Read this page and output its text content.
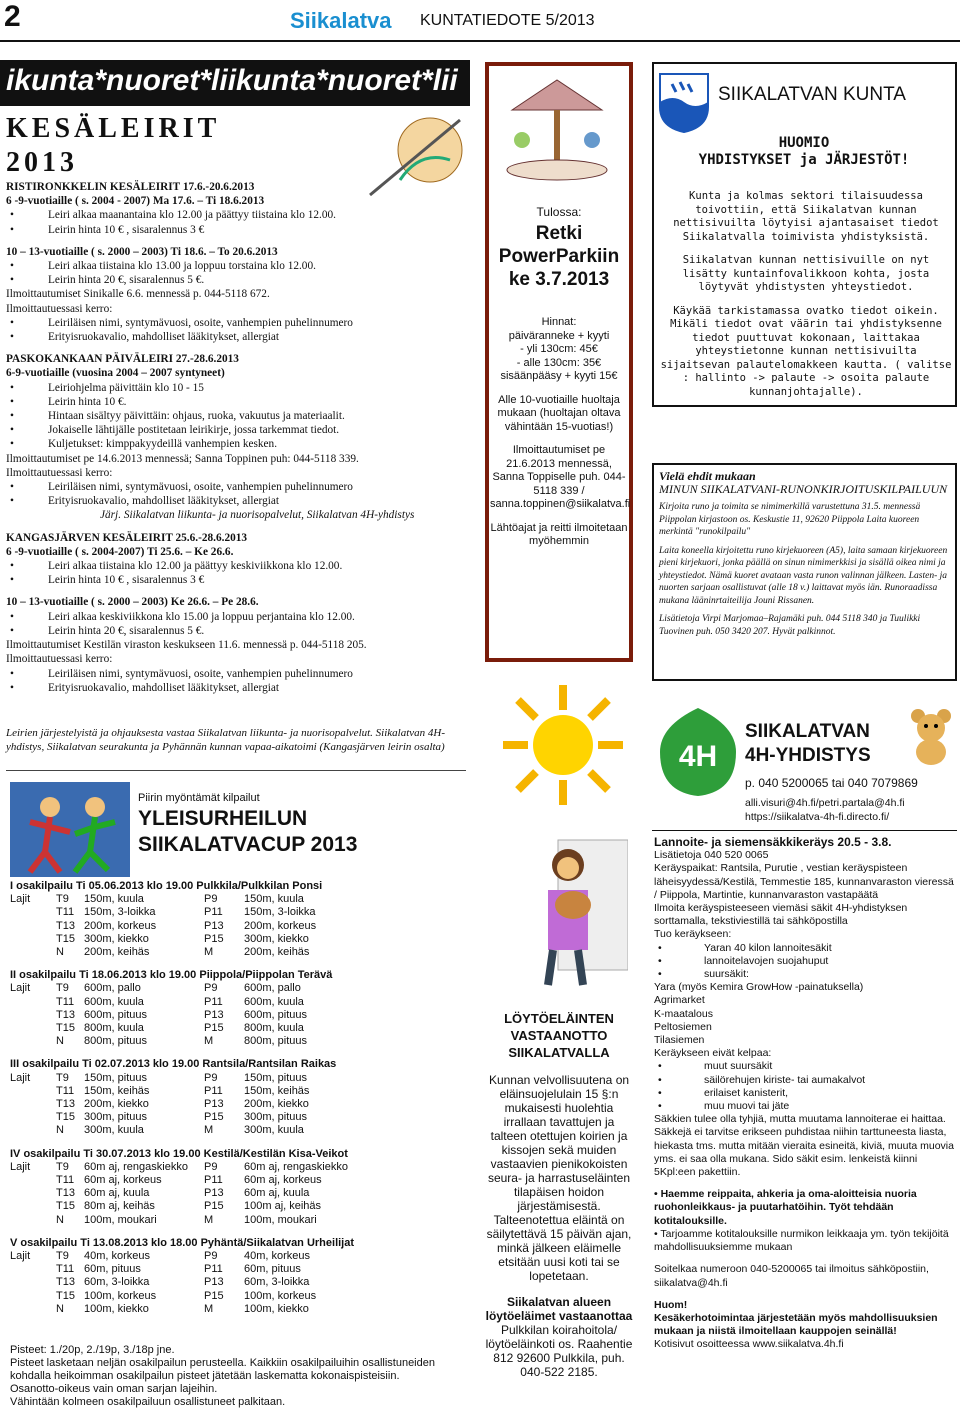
2	Siikalatva KUNTATIEDOTE 5/2013
ikunta*nuoret*liikunta*nuoret*lii
KESÄLEIRIT
2013
RISTIRONKKELIN KESÄLEIRIT 17.6.-20.6.2013
6 -9-vuotiaille ( s. 2004 - 2007) Ma 17.6. – Ti 18.6.2013
• Leiri alkaa maanantaina klo 12.00 ja päättyy tiistaina klo 12.00.
• Leirin hinta 10 € , sisaralennus 3 €
10 – 13-vuotiaille ( s. 2000 – 2003) Ti 18.6. – To 20.6.2013
• Leiri alkaa tiistaina klo 13.00 ja loppuu torstaina klo 12.00.
• Leirin hinta 20 €, sisaralennus 5 €.
Ilmoittautumiset Sinikalle 6.6. mennessä p. 044-5118 672.
Ilmoittautuessasi kerro:
• Leiriläisen nimi, syntymävuosi, osoite, vanhempien puhelinnumero
• Erityisruokavalio, mahdolliset lääkitykset, allergiat
PASKOKANKAAN PÄIVÄLEIRI 27.-28.6.2013
6-9-vuotiaille (vuosina 2004 – 2007 syntyneet)
• Leiriohjelma päivittäin klo 10 - 15
• Leirin hinta 10 €.
• Hintaan sisältyy päivittäin: ohjaus, ruoka, vakuutus ja materiaalit.
• Jokaiselle lähtijälle postitetaan leirikirje, jossa tarkemmat tiedot.
• Kuljetukset: kimppakyydeillä vanhempien kesken.
Ilmoittautumiset pe 14.6.2013 mennessä; Sanna Toppinen puh: 044-5118 339.
Ilmoittautuessasi kerro:
• Leiriläisen nimi, syntymävuosi, osoite, vanhempien puhelinnumero
• Erityisruokavalio, mahdolliset lääkitykset, allergiat
Järj. Siikalatvan liikunta- ja nuorisopalvelut, Siikalatvan 4H-yhdistys
KANGASJÄRVEN KESÄLEIRIT 25.6.-28.6.2013
6 -9-vuotiaille ( s. 2004-2007) Ti 25.6. – Ke 26.6.
• Leiri alkaa tiistaina klo 12.00 ja päättyy keskiviikkona klo 12.00.
• Leirin hinta 10 € , sisaralennus 3 €
10 – 13-vuotiaille ( s. 2000 – 2003) Ke 26.6. – Pe 28.6.
• Leiri alkaa keskiviikkona klo 15.00 ja loppuu perjantaina klo 12.00.
• Leirin hinta 20 €, sisaralennus 5 €.
Ilmoittautumiset Kestilän viraston keskukseen 11.6. mennessä p. 044-5118 205.
Ilmoittautuessasi kerro:
• Leiriläisen nimi, syntymävuosi, osoite, vanhempien puhelinnumero
• Erityisruokavalio, mahdolliset lääkitykset, allergiat
Leirien järjestelyistä ja ohjauksesta vastaa Siikalatvan liikunta- ja nuorisopalvelut. Siikalatvan 4H-yhdistys, Siikalatvan seurakunta ja Pyhännän kunnan vapaa-aikatoimi (Kangasjärven leirin osalta)
Piirin myöntämät kilpailut
YLEISURHEILUN
SIIKALATVACUP 2013
I osakilpailu Ti 05.06.2013 klo 19.00 Pulkkila/Pulkkilan Ponsi
Lajit	T9	150m, kuula	P9	150m, kuula
T11 150m, 3-loikka	P11	150m, 3-loikka
T13 200m, korkeus	P13	200m, korkeus
T15 300m, kiekko	P15	300m, kiekko
N	200m, keihäs	M	200m, keihäs
II osakilpailu Ti 18.06.2013 klo 19.00 Piippola/Piippolan Terävä
Lajit	T9	600m, pallo	P9	600m, pallo
T11 600m, kuula	P11	600m, kuula
T13 600m, pituus	P13	600m, pituus
T15 800m, kuula	P15	800m, kuula
N	800m, pituus	M	800m, pituus
III osakilpailu Ti 02.07.2013 klo 19.00 Rantsila/Rantsilan Raikas
Lajit	T9	150m, pituus	P9	150m, pituus
T11 150m, keihäs	P11	150m, keihäs
T13 200m, kiekko	P13	200m, kiekko
T15 300m, pituus	P15	300m, pituus
N	300m, kuula	M	300m, kuula
IV osakilpailu Ti 30.07.2013 klo 19.00 Kestilä/Kestilän Kisa-Veikot
Lajit	T9	60m aj, rengaskiekko	P9	60m aj, rengaskiekko
T11 60m aj, korkeus	P11	60m aj, korkeus
T13 60m aj, kuula	P13	60m aj, kuula
T15 80m aj, keihäs	P15	100m aj, keihäs
N	100m, moukari	M	100m, moukari
V osakilpailu Ti 13.08.2013 klo 18.00 Pyhäntä/Siikalatvan Urheilijat
Lajit	T9	40m, korkeus	P9	40m, korkeus
T11 60m, pituus	P11	60m, pituus
T13 60m, 3-loikka	P13	60m, 3-loikka
T15 100m, korkeus	P15	100m, korkeus
N	100m, kiekko	M	100m, kiekko
Pisteet: 1./20p, 2./19p, 3./18p jne.
Pisteet lasketaan neljän osakilpailun perusteella. Kaikkiin osakilpailuihin osallistuneiden kohdalla heikoimman osakilpailun pisteet jätetään laskematta kokonaispisteisiin.
Osanotto-oikeus vain oman sarjan lajeihin.
Vähintään kolmeen osakilpailuun osallistuneet palkitaan.
Tulossa:
Retki
PowerParkiin
ke 3.7.2013
Hinnat:
päiväranneke + kyyti
- yli 130cm: 45€
- alle 130cm: 35€
sisäänpääsy + kyyti 15€
Alle 10-vuotiaille huoltaja mukaan (huoltajan oltava vähintään 15-vuotias!)
Ilmoittautumiset pe 21.6.2013 mennessä, Sanna Toppiselle puh. 044-5118 339 / sanna.toppinen@siikalatva.fi
Lähtöajat ja reitti ilmoitetaan myöhemmin
LÖYTÖELÄINTEN
VASTAANOTTO
SIIKALATVALLA
Kunnan velvollisuutena on eläinsuojelulain 15 §:n mukaisesti huolehtia irrallaan tavattujen ja talteen otettujen koirien ja kissojen sekä muiden vastaavien pienikokoisten seura- ja harrastuseläinten tilapäisen hoidon järjestämisestä. Talteenotettua eläintä on säilytettävä 15 päivän ajan, minkä jälkeen eläimelle etsitään uusi koti tai se lopetetaan.
Siikalatvan alueen löytöeläimet vastaanottaa
Pulkkilan koirahoitola/ löytöeläinkoti os. Raahentie 812 92600 Pulkkila, puh. 040-522 2185.
SIIKALATVAN KUNTA
HUOMIO
YHDISTYKSET ja JÄRJESTÖT!

Kunta ja kolmas sektori tilaisuudessa toivottiin, että Siikalatvan kunnan nettisivuilta löytyisi ajantasaiset tiedot Siikalatvalla toimivista yhdistyksistä.

Siikalatvan kunnan nettisivuille on nyt lisätty kuntainfovalikkoon kohta, josta löytyvät yhdistysten yhteystiedot.

Käykää tarkistamassa ovatko tiedot oikein. Mikäli tiedot ovat väärin tai yhdistyksenne tiedot puuttuvat kokonaan, laittakaa yhteystietonne kunnan nettisivuilta sijaitsevan palautelomakkeen kautta. ( valitse : hallinto -> palaute -> osoita palaute kunnanjohtajalle).

Vielä ehdit mukaan
MINUN SIIKALATVANI-RUNONKIRJOITUSKILPAILUUN

Kirjoita runo ja toimita se nimimerkillä varustettuna 31.5. mennessä Piippolan kirjastoon os. Keskustie 11, 92620 Piippola Laita kuoreen merkintä "runokilpailu"

Laita koneella kirjoitettu runo kirjekuoreen (A5), laita samaan kirjekuoreen pieni kirjekuori, jonka päällä on sinun nimimerkkisi ja sisällä oikea nimi ja yhteystiedot. Nämä kuoret avataan vasta runon valinnan jälkeen. Lasten- ja nuorten sarjaan osallistuvat (alle 18 v.) laittavat myös iän. Runoraadissa mukana lääninrtaiteilija Jouni Rissanen.

Lisätietoja Virpi Marjomaa–Rajamäki puh. 044 5118 340 ja Tuulikki Tuovinen puh. 050 3420 207. Hyvät palkinnot.

4H
SIIKALATVAN
4H-YHDISTYS
p. 040 5200065 tai 040 7079869
alli.visuri@4h.fi/petri.partala@4h.fi
https://siikalatva-4h-fi.directo.fi/
Lannoite- ja siemensäkkikeräys 20.5 - 3.8.
Lisätietoja 040 520 0065
Keräyspaikat: Rantsila, Purutie , vestian keräyspisteen läheisyydessä/Kestilä, Temmestie 185, kunnanvaraston vieressä / Piippola, Martintie, kunnanvaraston vastapäätä
Ilmoita keräyspisteeseen viemäsi säkit 4H-yhdistyksen sorttamalla, tekstiviestillä tai sähköpostilla
Tuo keräykseen:
• Yaran 40 kilon lannoitesäkit
• lannoitelavojen suojahuput
• suursäkit:
Yara (myös Kemira GrowHow -painatuksella)
Agrimarket
K-maatalous
Peltosiemen
Tilasiemen
Keräykseen eivät kelpaa:
• muut suursäkit
• säilörehujen kiriste- tai aumakalvot
• erilaiset kanisterit,
• muu muovi tai jäte
Säkkien tulee olla tyhjiä, mutta muutama lannoiterae ei haittaa. Säkkejä ei tarvitse erikseen puhdistaa niihin tarttuneesta liasta, hiekasta tms. mutta mitään vieraita esineitä, kiviä, muuta muovia yms. ei saa olla mukana. Sido säkit esim. lenkeistä kiinni 5Kpl:een pakettiin.
• Haemme reippaita, ahkeria ja oma-aloitteisia nuoria ruohonleikkaus- ja puutarhatöihin. Työt tehdään kotitalouksille.
• Tarjoamme kotitalouksille nurmikon leikkaaja ym. työn tekijöitä mahdollisuuksiemme mukaan
Soitelkaa numeroon 040-5200065 tai ilmoitus sähköpostiin, siikalatva@4h.fi
Huom!
Kesäkerhotoimintaa järjestetään myös mahdollisuuksien mukaan ja niistä ilmoitellaan kauppojen seinällä!
Kotisivut osoitteessa www.siikalatva.4h.fi
